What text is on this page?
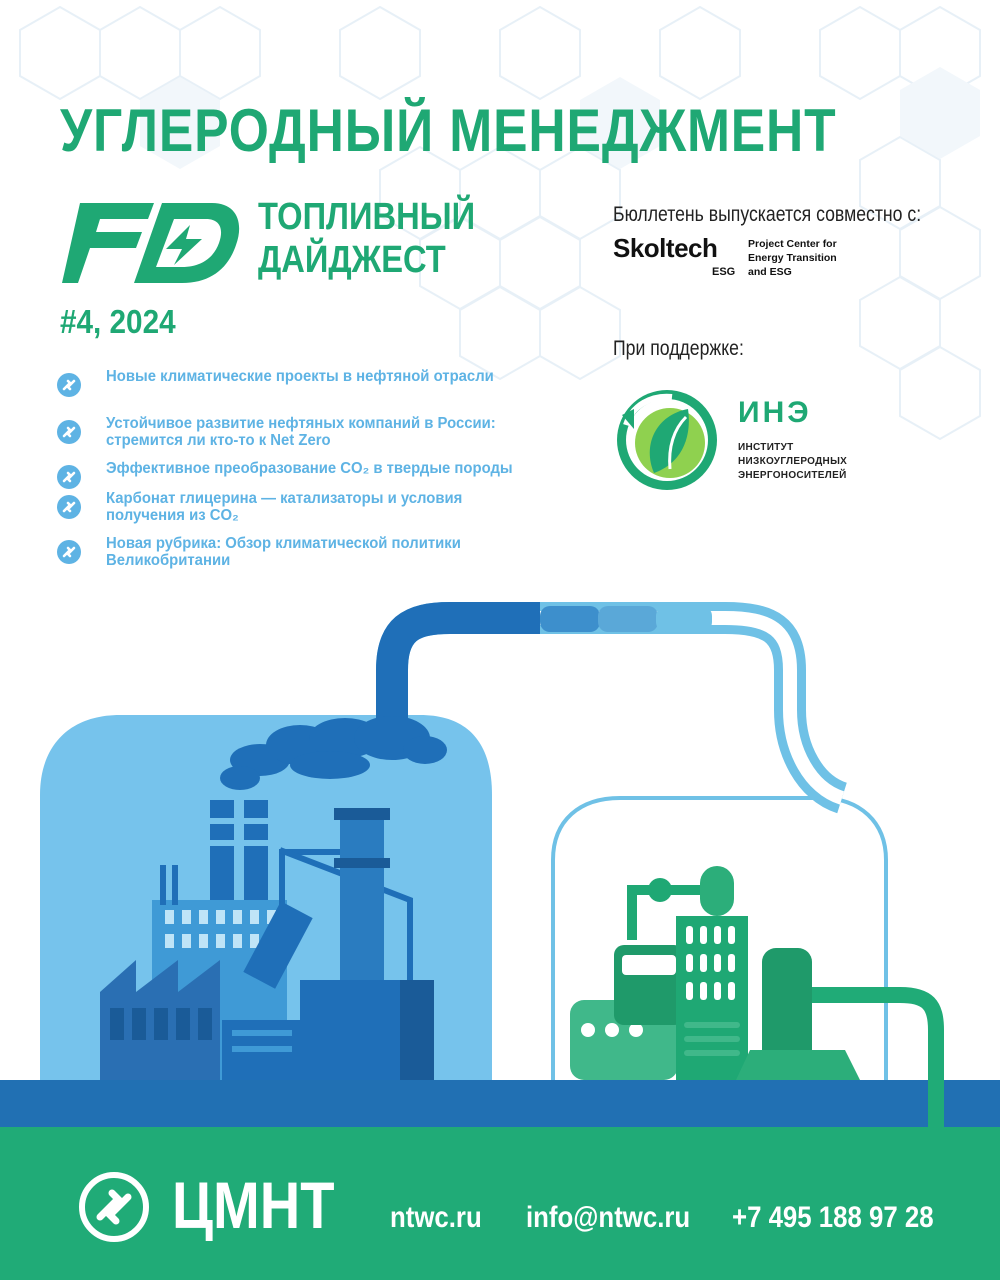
УГЛЕРОДНЫЙ МЕНЕДЖМЕНТ
ТОПЛИВНЫЙ
ДАЙДЖЕСТ
#4, 2024
Новые климатические проекты в нефтяной отрасли
Устойчивое развитие нефтяных компаний в России: стремится ли кто-то к Net Zero
Эффективное преобразование CO₂ в твердые породы
Карбонат глицерина — катализаторы и условия получения из CO₂
Новая рубрика: Обзор климатической политики Великобритании
Бюллетень выпускается совместно с:
Skoltech
ESG
Project Center for
Energy Transition
and ESG
При поддержке:
ИНЭ
ИНСТИТУТ
НИЗКОУГЛЕРОДНЫХ
ЭНЕРГОНОСИТЕЛЕЙ
ЦМНТ ntwc.ru info@ntwc.ru +7 495 188 97 28
